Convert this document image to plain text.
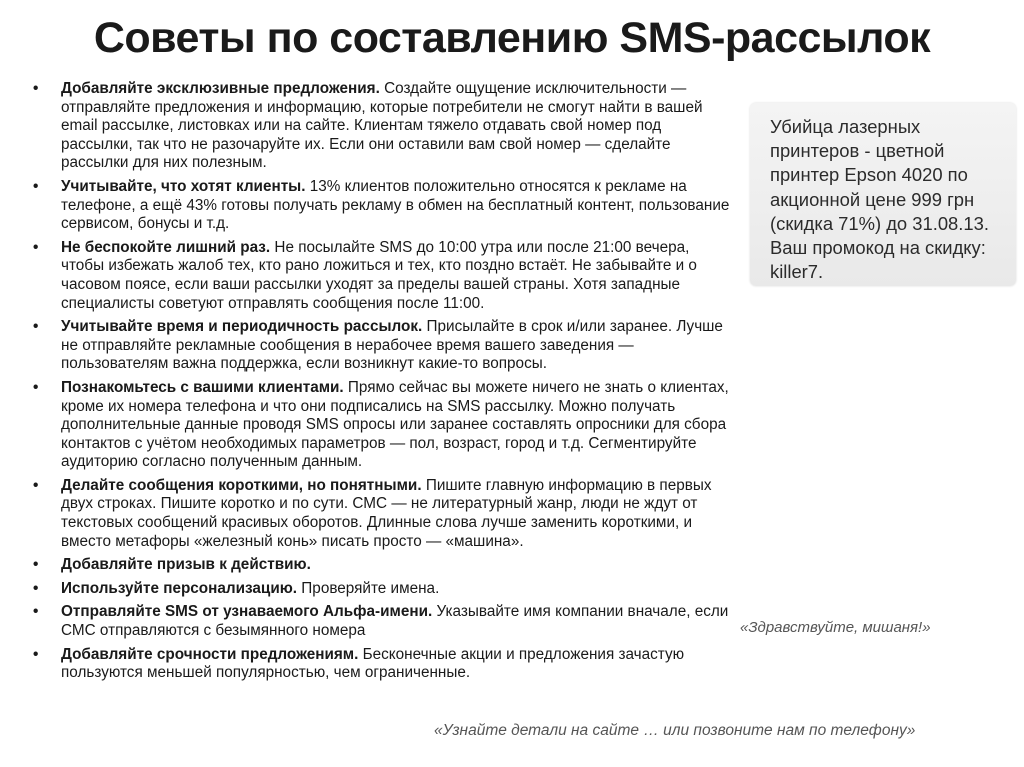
Советы по составлению SMS-рассылок
• Добавляйте эксклюзивные предложения. Создайте ощущение исключительности — отправляйте предложения и информацию, которые потребители не смогут найти в вашей email рассылке, листовках или на сайте. Клиентам тяжело отдавать свой номер под рассылки, так что не разочаруйте их. Если они оставили вам свой номер — сделайте рассылки для них полезным.
• Учитывайте, что хотят клиенты. 13% клиентов положительно относятся к рекламе на телефоне, а ещё 43% готовы получать рекламу в обмен на бесплатный контент, пользование сервисом, бонусы и т.д.
• Не беспокойте лишний раз. Не посылайте SMS до 10:00 утра или после 21:00 вечера, чтобы избежать жалоб тех, кто рано ложиться и тех, кто поздно встаёт. Не забывайте и о часовом поясе, если ваши рассылки уходят за пределы вашей страны. Хотя западные специалисты советуют отправлять сообщения после 11:00.
• Учитывайте время и периодичность рассылок. Присылайте в срок и/или заранее. Лучше не отправляйте рекламные сообщения в нерабочее время вашего заведения — пользователям важна поддержка, если возникнут какие-то вопросы.
• Познакомьтесь с вашими клиентами. Прямо сейчас вы можете ничего не знать о клиентах, кроме их номера телефона и что они подписались на SMS рассылку. Можно получать дополнительные данные проводя SMS опросы или заранее составлять опросники для сбора контактов с учётом необходимых параметров — пол, возраст, город и т.д. Сегментируйте аудиторию согласно полученным данным.
• Делайте сообщения короткими, но понятными. Пишите главную информацию в первых двух строках. Пишите коротко и по сути. СМС — не литературный жанр, люди не ждут от текстовых сообщений красивых оборотов. Длинные слова лучше заменить короткими, и вместо метафоры «железный конь» писать просто — «машина».
• Добавляйте призыв к действию.
• Используйте персонализацию. Проверяйте имена.
• Отправляйте SMS от узнаваемого Альфа-имени. Указывайте имя компании вначале, если СМС отправляются с безымянного номера
• Добавляйте срочности предложениям. Бесконечные акции и предложения зачастую пользуются меньшей популярностью, чем ограниченные.
Убийца лазерных принтеров - цветной принтер Epson 4020 по акционной цене 999 грн (скидка 71%) до 31.08.13. Ваш промокод на скидку: killer7.
«Здравствуйте, мишаня!»
«Узнайте детали на сайте … или позвоните нам по телефону»
